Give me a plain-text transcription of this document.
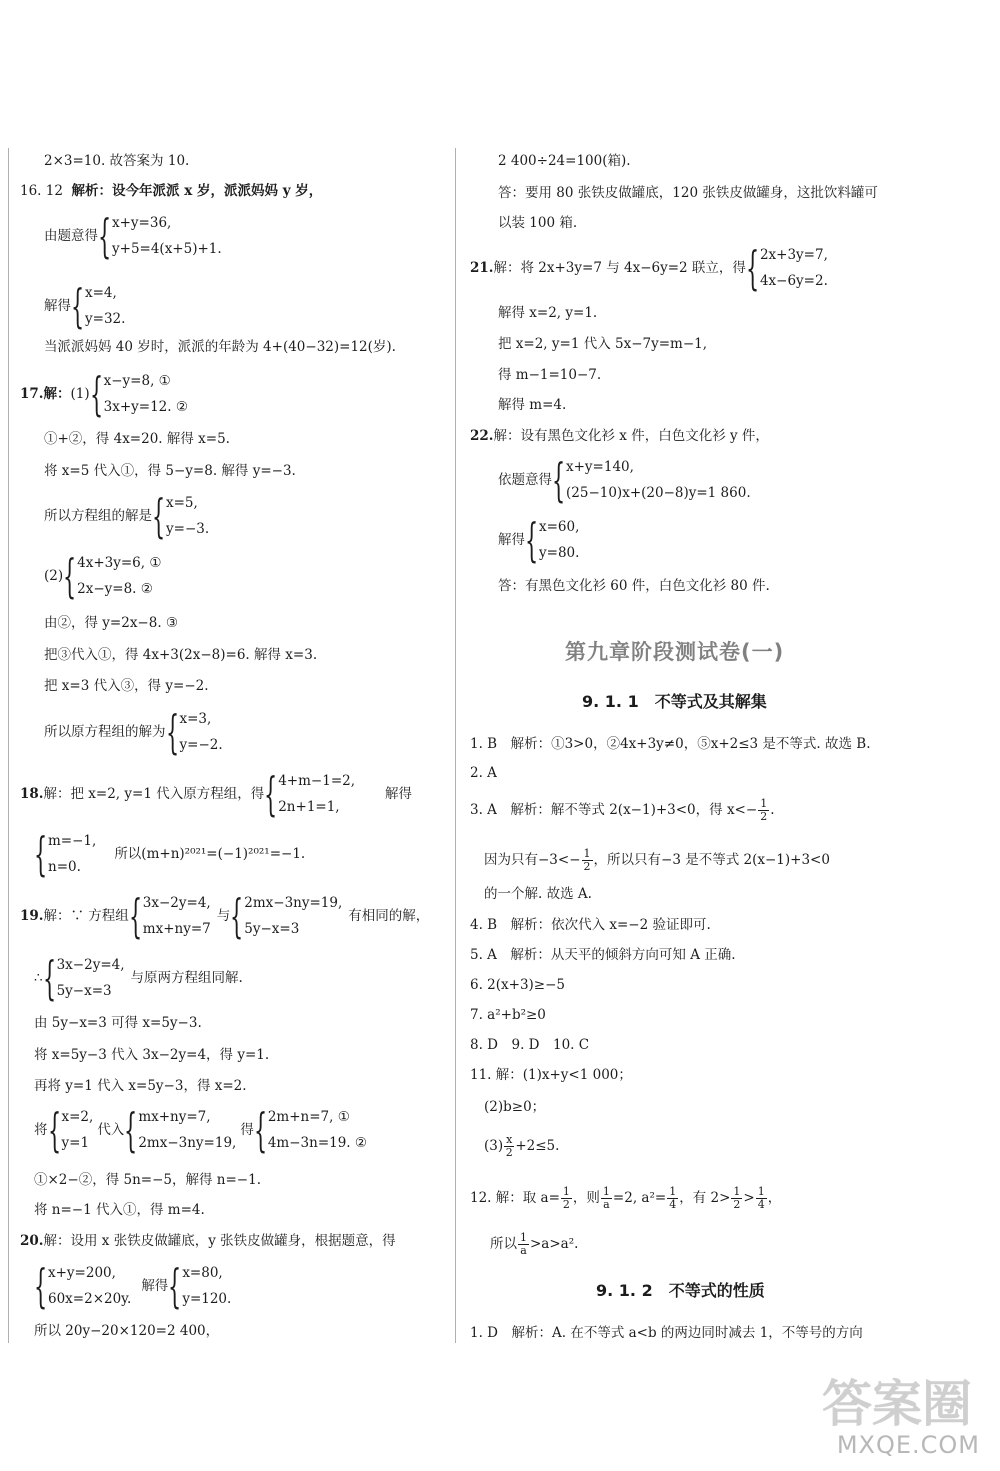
2×3=10. 故答案为 10.
16. 12 解析：设今年派派 x 岁，派派妈妈 y 岁，
由题意得 { x+y=36,
y+5=4(x+5)+1.
解得 { x=4,
y=32.
当派派妈妈 40 岁时，派派的年龄为 4+(40−32)=12(岁).
17. 解： (1) { x−y=8, ①
3x+y=12. ②
①+②，得 4x=20. 解得 x=5.
将 x=5 代入①，得 5−y=8. 解得 y=−3.
所以方程组的解是 { x=5,
y=−3.
(2) { 4x+3y=6, ①
2x−y=8. ②
由②，得 y=2x−8. ③
把③代入①，得 4x+3(2x−8)=6. 解得 x=3.
把 x=3 代入③，得 y=−2.
所以原方程组的解为 { x=3,
y=−2.
18. 解：把 x=2, y=1 代入原方程组，得 { 4+m−1=2,
2n+1=1,
解得
{ m=−1,
n=0.
所以(m+n)²⁰²¹=(−1)²⁰²¹=−1.
19. 解：∵ 方程组 { 3x−2y=4,
mx+ny=7
与 { 2mx−3ny=19,
5y−x=3
有相同的解，
∴ { 3x−2y=4,
5y−x=3
与原两方程组同解.
由 5y−x=3 可得 x=5y−3.
将 x=5y−3 代入 3x−2y=4，得 y=1.
再将 y=1 代入 x=5y−3，得 x=2.
将 { x=2,
y=1
代入 { mx+ny=7,
2mx−3ny=19,
得 { 2m+n=7, ①
4m−3n=19. ②
①×2−②，得 5n=−5，解得 n=−1.
将 n=−1 代入①，得 m=4.
20.解：设用 x 张铁皮做罐底，y 张铁皮做罐身，根据题意，得
{ x+y=200,
60x=2×20y.
解得 { x=80,
y=120.
所以 20y−20×120=2 400，
2 400÷24=100(箱).
答：要用 80 张铁皮做罐底，120 张铁皮做罐身，这批饮料罐可
以装 100 箱.
21. 解：将 2x+3y=7 与 4x−6y=2 联立，得 { 2x+3y=7,
4x−6y=2.
解得 x=2, y=1.
把 x=2, y=1 代入 5x−7y=m−1,
得 m−1=10−7.
解得 m=4.
22.解：设有黑色文化衫 x 件，白色文化衫 y 件，
依题意得 { x+y=140,
(25−10)x+(20−8)y=1 860.
解得 { x=60,
y=80.
答：有黑色文化衫 60 件，白色文化衫 80 件.
第九章阶段测试卷(一)
9. 1. 1　不等式及其解集
1. B　解析：①3>0，②4x+3y≠0，⑤x+2≤3 是不等式. 故选 B.
2. A
3. A　解析：解不等式 2(x−1)+3<0，得 $x<- \frac{1}{2}$ .
因为只有$-3<- \frac{1}{2}$ ，所以只有−3 是不等式 2(x−1)+3<0
的一个解. 故选 A.
4. B　解析：依次代入 x=−2 验证即可.
5. A　解析：从天平的倾斜方向可知 A 正确.
6. 2(x+3)≥−5
7. a²+b²≥0
8. D　9. D　10. C
11. 解：(1)x+y<1 000；
(2)b≥0；
$(3) \frac{x}{2} +2\le 5$.
12. 解：取 $a= \frac{1}{2}$ ，则 $\frac{1}{a} =2$, $a^2= \frac{1}{4}$ ，有 $2> \frac{1}{2} > \frac{1}{4}$ ，
所以 $\frac{1}{a} >a>a^2$.
9. 1. 2　不等式的性质
1. D　解析：A. 在不等式 a<b 的两边同时减去 1，不等号的方向
答案圈
MXQE.COM
